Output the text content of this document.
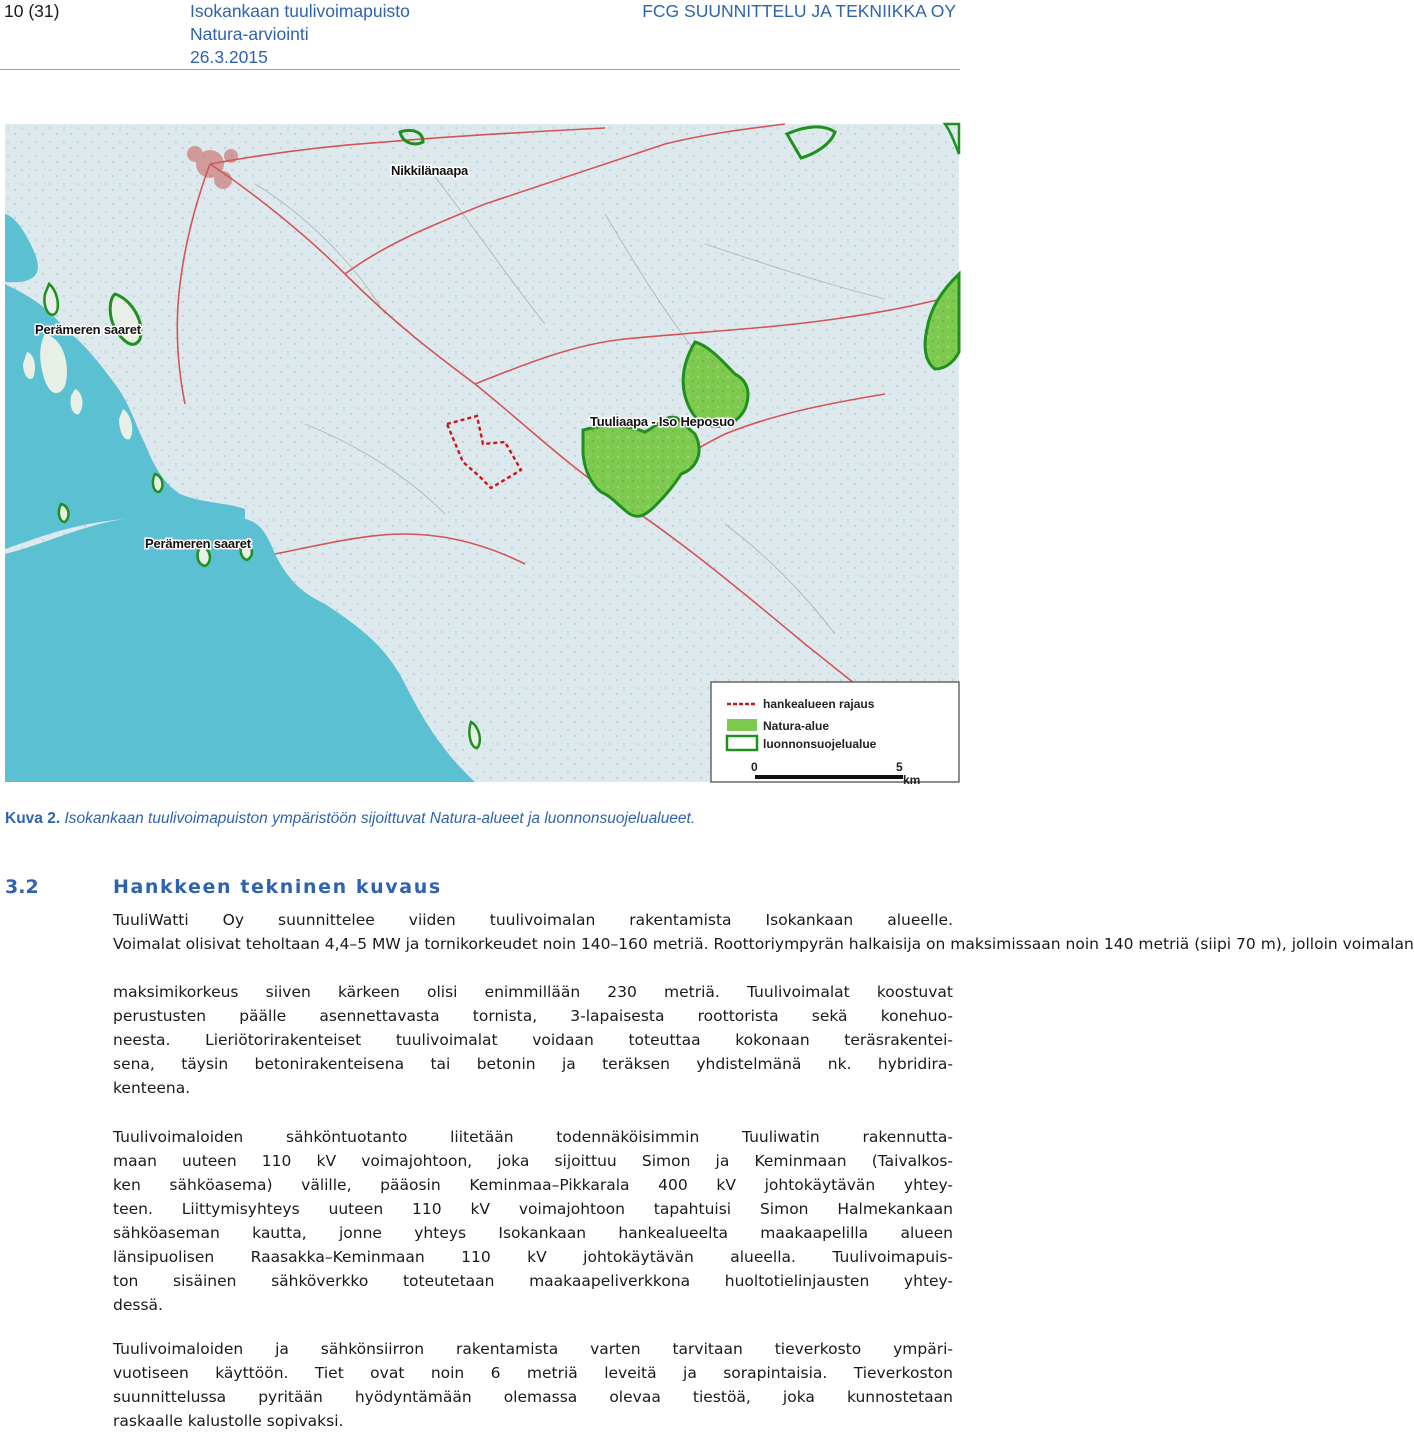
10 (31)	Isokankaan tuulivoimapuisto
Natura-arviointi
26.3.2015
FCG SUUNNITTELU JA TEKNIIKKA OY
Nikkilänaapa
Perämeren saaret
Perämeren saaret
Tuuliaapa - Iso Heposuo
hankealueen rajaus
Natura-alue
luonnonsuojelualue
0	5
km
Kuva 2. Isokankaan tuulivoimapuiston ympäristöön sijoittuvat Natura-alueet ja luonnonsuojelualueet.
3.2	Hankkeen tekninen kuvaus
TuuliWatti Oy suunnittelee viiden tuulivoimalan rakentamista Isokankaan alueelle.
Voimalat olisivat teholtaan 4,4–5 MW ja tornikorkeudet noin 140–160 metriä. Roottoriympyrän halkaisija on maksimissaan noin 140 metriä (siipi 70 m), jolloin voimalan
maksimikorkeus siiven kärkeen olisi enimmillään 230 metriä. Tuulivoimalat koostuvat
perustusten päälle asennettavasta tornista, 3-lapaisesta roottorista sekä konehuo-
neesta. Lieriötorirakenteiset tuulivoimalat voidaan toteuttaa kokonaan teräsrakentei-
sena, täysin betonirakenteisena tai betonin ja teräksen yhdistelmänä nk. hybridira-
kenteena.
Tuulivoimaloiden sähköntuotanto liitetään todennäköisimmin Tuuliwatin rakennutta-
maan uuteen 110 kV voimajohtoon, joka sijoittuu Simon ja Keminmaan (Taivalkos-
ken sähköasema) välille, pääosin Keminmaa–Pikkarala 400 kV johtokäytävän yhtey-
teen. Liittymisyhteys uuteen 110 kV voimajohtoon tapahtuisi Simon Halmekankaan
sähköaseman kautta, jonne yhteys Isokankaan hankealueelta maakaapelilla alueen
länsipuolisen Raasakka–Keminmaan 110 kV johtokäytävän alueella. Tuulivoimapuis-
ton sisäinen sähköverkko toteutetaan maakaapeliverkkona huoltotielinjausten yhtey-
dessä.
Tuulivoimaloiden ja sähkönsiirron rakentamista varten tarvitaan tieverkosto ympäri-
vuotiseen käyttöön. Tiet ovat noin 6 metriä leveitä ja sorapintaisia. Tieverkoston
suunnittelussa pyritään hyödyntämään olemassa olevaa tiestöä, joka kunnostetaan
raskaalle kalustolle sopivaksi.
